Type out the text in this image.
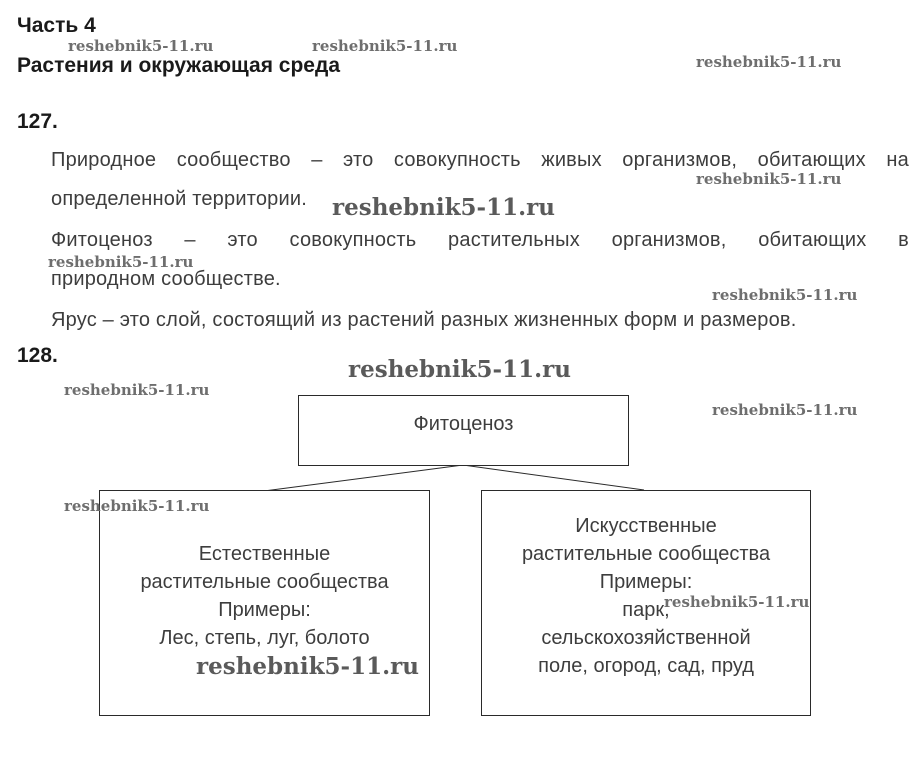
Часть 4
Растения и окружающая среда
127.
Природное сообщество – это совокупность живых организмов, обитающих на
определенной территории.
Фитоценоз – это совокупность растительных организмов, обитающих в
природном сообществе.
Ярус – это слой, состоящий из растений разных жизненных форм и размеров.
128.
Фитоценоз
Естественные
растительные сообщества
Примеры:
Лес, степь, луг, болото
Искусственные
растительные сообщества
Примеры:
парк,
сельскохозяйственной
поле, огород, сад, пруд
reshebnik5-11.ru	reshebnik5-11.ru
reshebnik5-11.ru
reshebnik5-11.ru
reshebnik5-11.ru
reshebnik5-11.ru
reshebnik5-11.ru
reshebnik5-11.ru
reshebnik5-11.ru
reshebnik5-11.ru
reshebnik5-11.ru
reshebnik5-11.ru
reshebnik5-11.ru
